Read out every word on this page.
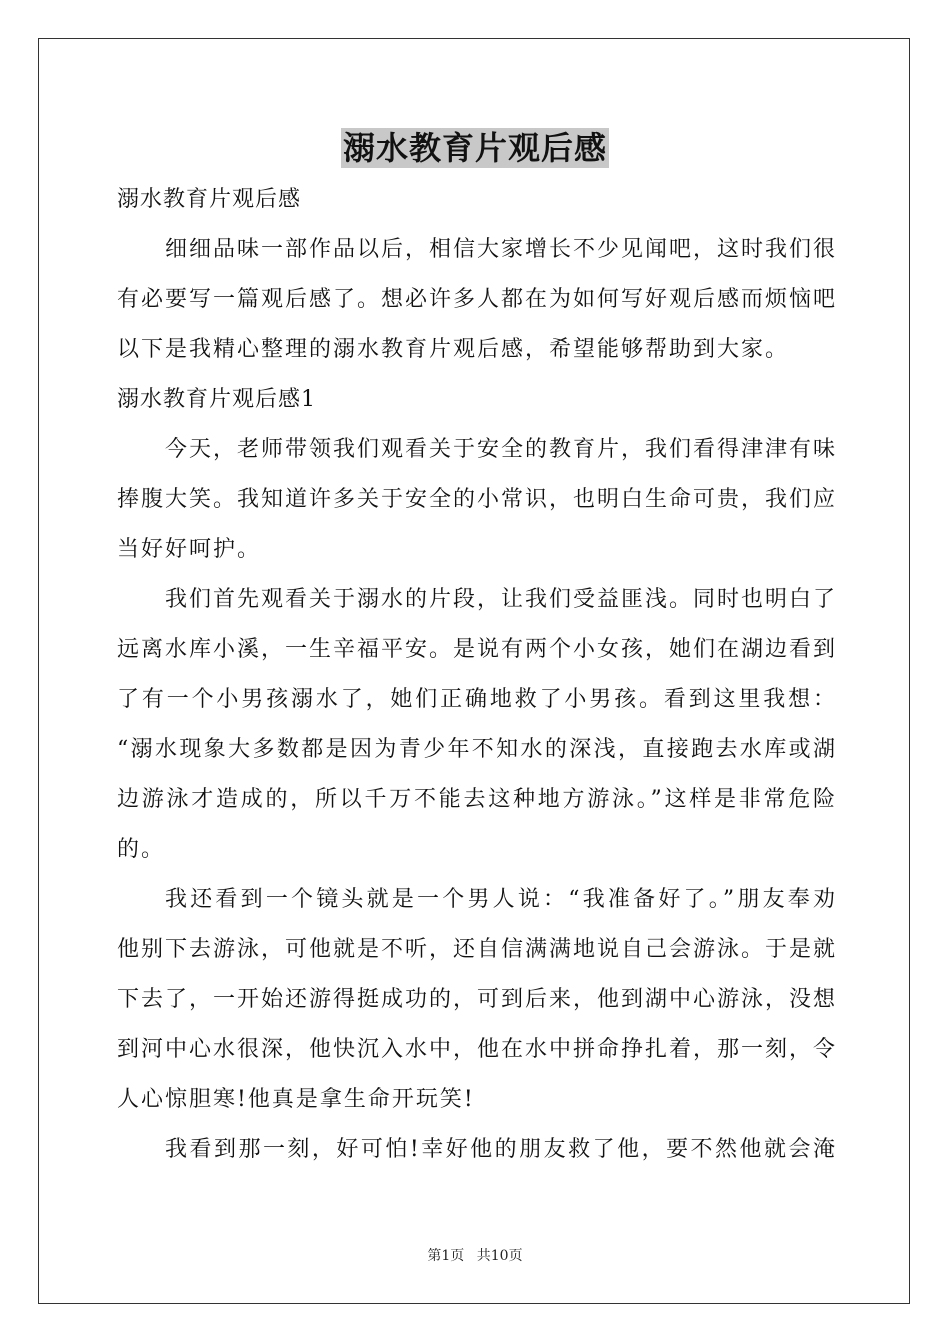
溺水教育片观后感
溺水教育片观后感
细细品味一部作品以后，相信大家增长不少见闻吧，这时我们很
有必要写一篇观后感了。想必许多人都在为如何写好观后感而烦恼吧
以下是我精心整理的溺水教育片观后感，希望能够帮助到大家。
溺水教育片观后感1
今天，老师带领我们观看关于安全的教育片，我们看得津津有味
捧腹大笑。我知道许多关于安全的小常识，也明白生命可贵，我们应
当好好呵护。
我们首先观看关于溺水的片段，让我们受益匪浅。同时也明白了
远离水库小溪，一生辛福平安。是说有两个小女孩，她们在湖边看到
了有一个小男孩溺水了，她们正确地救了小男孩。看到这里我想：
“溺水现象大多数都是因为青少年不知水的深浅，直接跑去水库或湖
边游泳才造成的，所以千万不能去这种地方游泳。”这样是非常危险
的。
我还看到一个镜头就是一个男人说：“我准备好了。”朋友奉劝
他别下去游泳，可他就是不听，还自信满满地说自己会游泳。于是就
下去了，一开始还游得挺成功的，可到后来，他到湖中心游泳，没想
到河中心水很深，他快沉入水中，他在水中拼命挣扎着，那一刻，令
人心惊胆寒!他真是拿生命开玩笑!
我看到那一刻，好可怕!幸好他的朋友救了他，要不然他就会淹
第1页 共10页
